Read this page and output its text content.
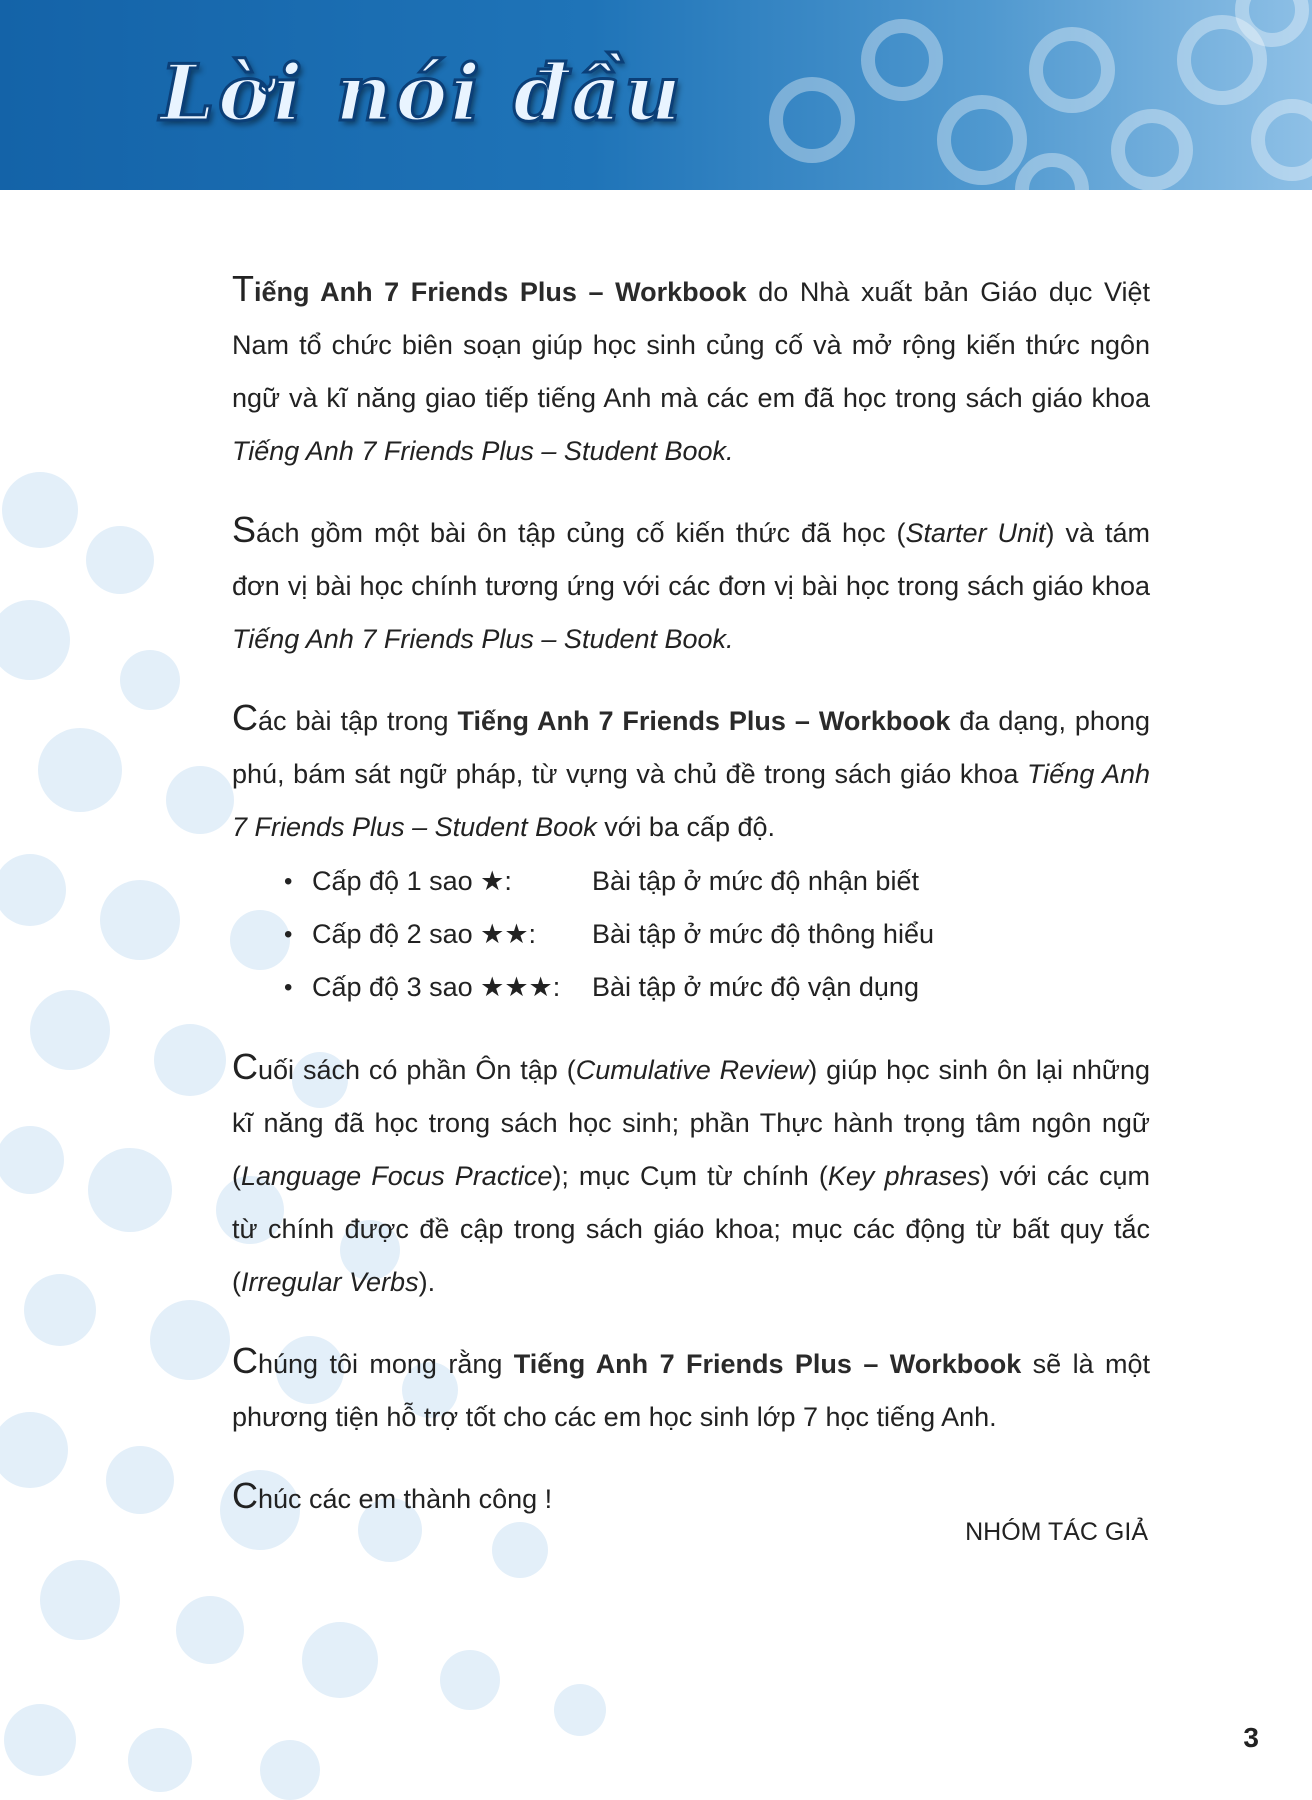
Lời nói đầu

Tiếng Anh 7 Friends Plus – Workbook do Nhà xuất bản Giáo dục Việt Nam tổ chức biên soạn giúp học sinh củng cố và mở rộng kiến thức ngôn ngữ và kĩ năng giao tiếp tiếng Anh mà các em đã học trong sách giáo khoa Tiếng Anh 7 Friends Plus – Student Book.

Sách gồm một bài ôn tập củng cố kiến thức đã học (Starter Unit) và tám đơn vị bài học chính tương ứng với các đơn vị bài học trong sách giáo khoa Tiếng Anh 7 Friends Plus – Student Book.

Các bài tập trong Tiếng Anh 7 Friends Plus – Workbook đa dạng, phong phú, bám sát ngữ pháp, từ vựng và chủ đề trong sách giáo khoa Tiếng Anh 7 Friends Plus – Student Book với ba cấp độ.

• Cấp độ 1 sao ★:	Bài tập ở mức độ nhận biết
• Cấp độ 2 sao ★★: Bài tập ở mức độ thông hiểu
• Cấp độ 3 sao ★★★: Bài tập ở mức độ vận dụng

Cuối sách có phần Ôn tập (Cumulative Review) giúp học sinh ôn lại những kĩ năng đã học trong sách học sinh; phần Thực hành trọng tâm ngôn ngữ (Language Focus Practice); mục Cụm từ chính (Key phrases) với các cụm từ chính được đề cập trong sách giáo khoa; mục các động từ bất quy tắc (Irregular Verbs).

Chúng tôi mong rằng Tiếng Anh 7 Friends Plus – Workbook sẽ là một phương tiện hỗ trợ tốt cho các em học sinh lớp 7 học tiếng Anh.

Chúc các em thành công !

NHÓM TÁC GIẢ
3
